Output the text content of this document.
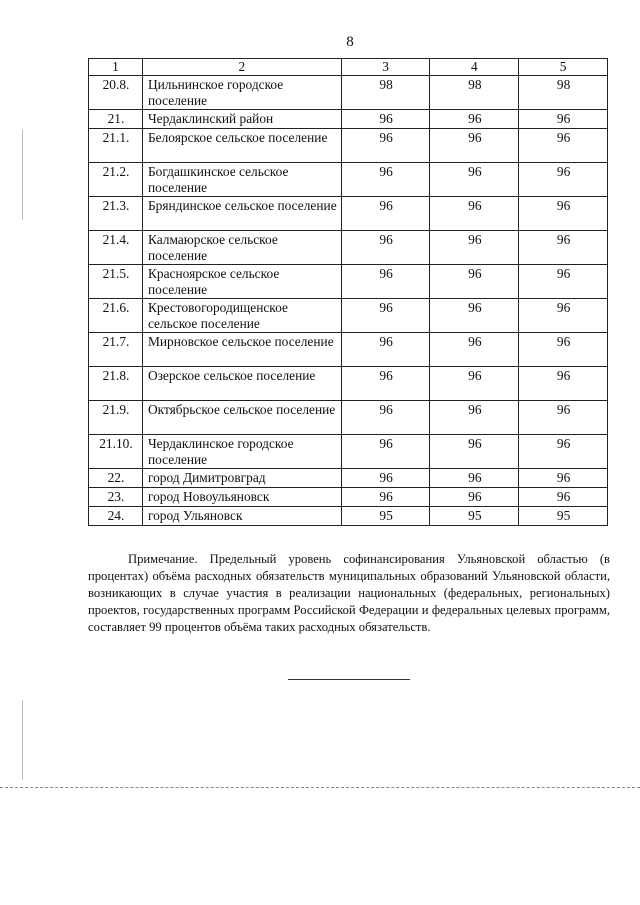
8
1	2	3	4	5
20.8.	Цильнинское городское поселение	98	98	98
21.	Чердаклинский район	96	96	96
21.1.	Белоярское сельское поселение	96	96	96
21.2.	Богдашкинское сельское поселение	96	96	96
21.3.	Бряндинское сельское поселение	96	96	96
21.4.	Калмаюрское сельское поселение	96	96	96
21.5.	Красноярское сельское поселение	96	96	96
21.6.	Крестовогородищенское сельское поселение	96	96	96
21.7.	Мирновское сельское поселение	96	96	96
21.8.	Озерское сельское поселение	96	96	96
21.9.	Октябрьское сельское поселение	96	96	96
21.10.	Чердаклинское городское поселение	96	96	96
22.	город Димитровград	96	96	96
23.	город Новоульяновск	96	96	96
24.	город Ульяновск	95	95	95
Примечание. Предельный уровень софинансирования Ульяновской областью (в процентах) объёма расходных обязательств муниципальных образований Ульяновской области, возникающих в случае участия в реализации национальных (федеральных, региональных) проектов, государственных программ Российской Федерации и федеральных целевых программ, составляет 99 процентов объёма таких расходных обязательств.
